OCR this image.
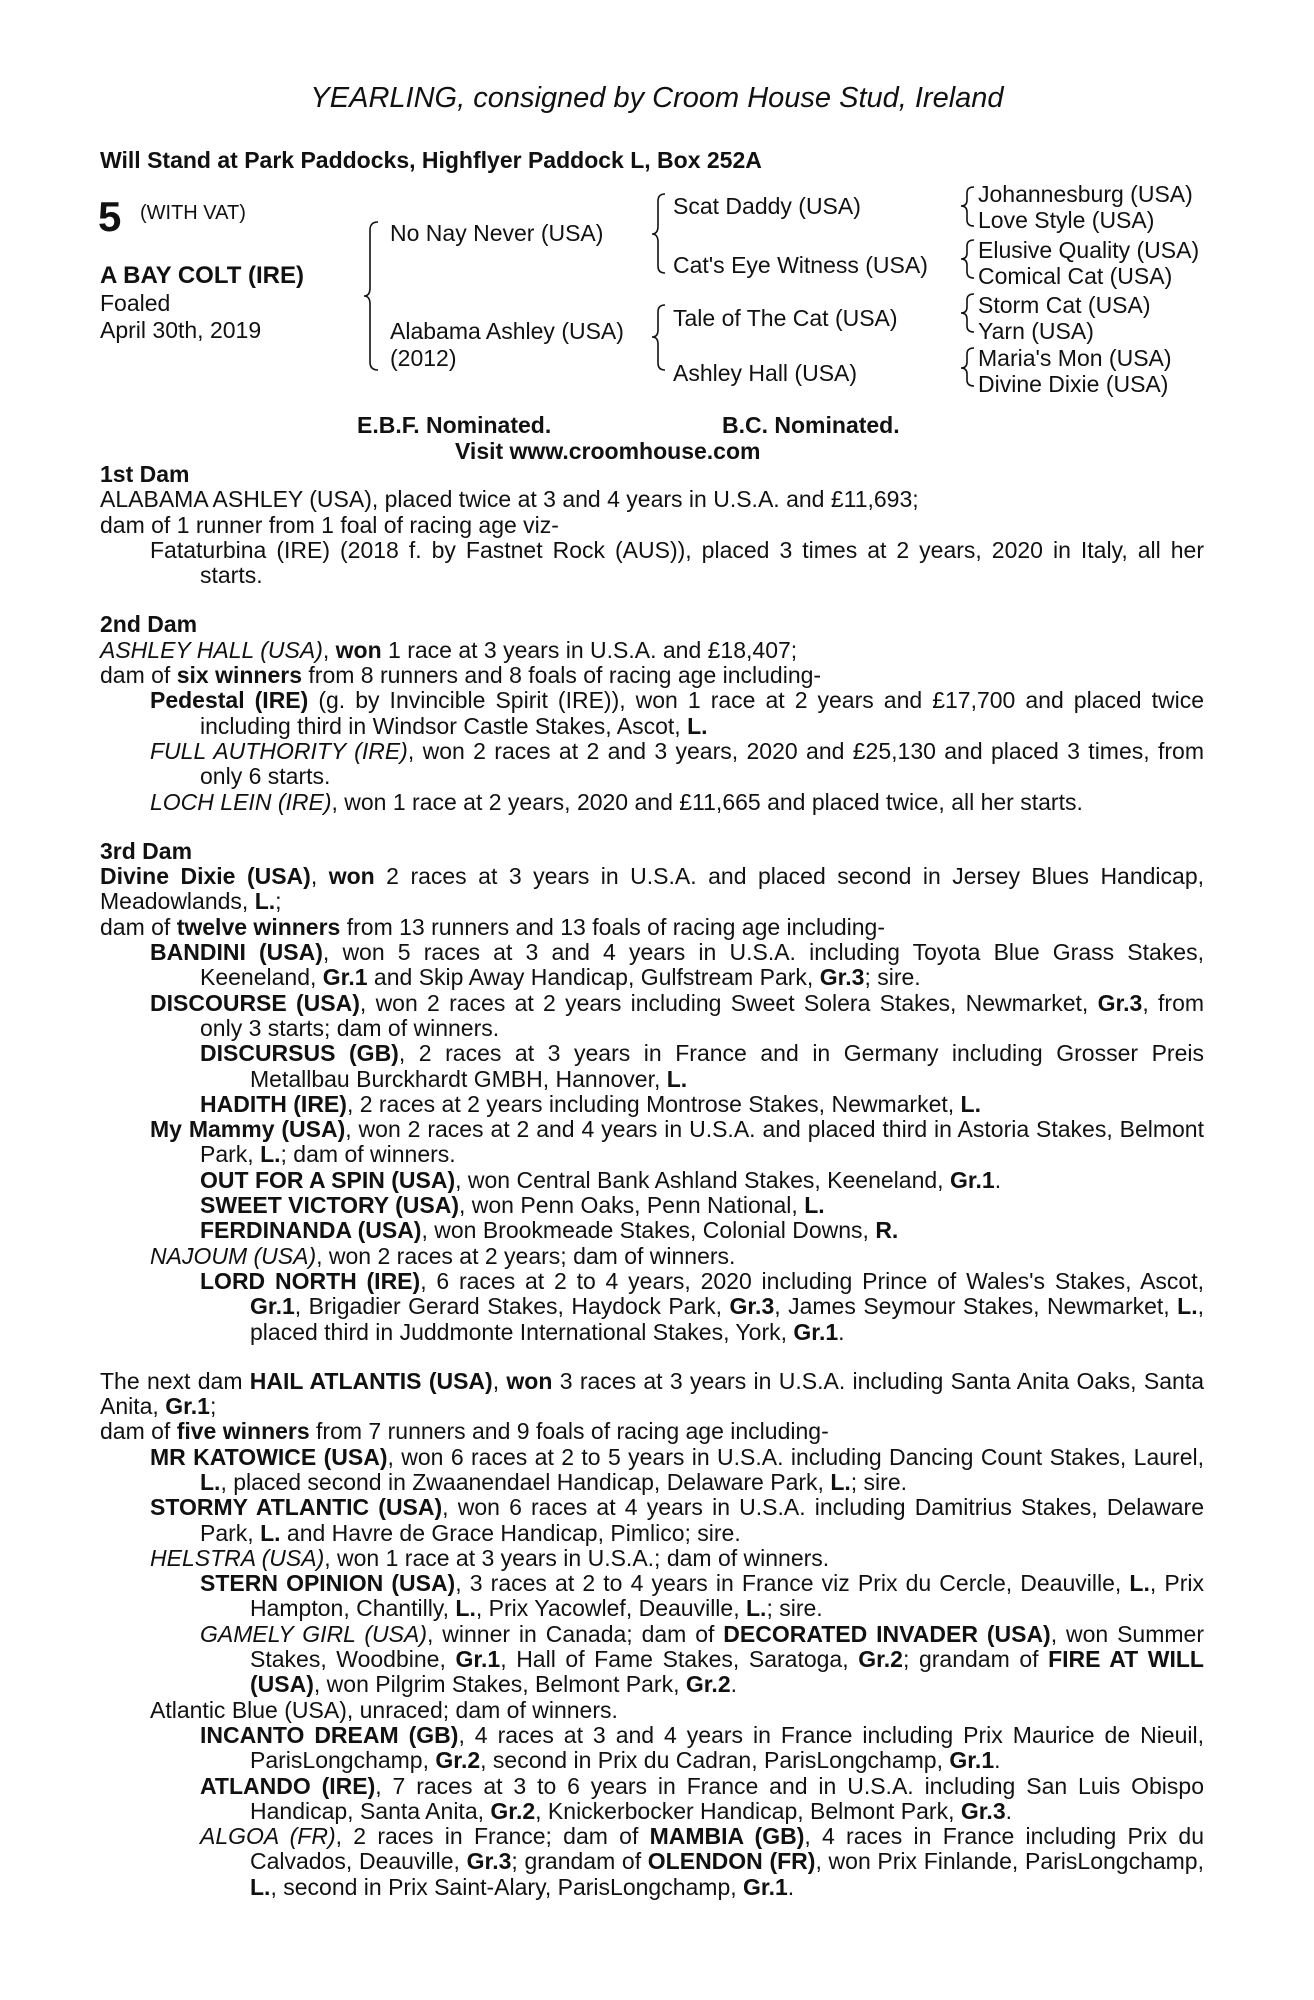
YEARLING, consigned by Croom House Stud, Ireland
Will Stand at Park Paddocks, Highflyer Paddock L, Box 252A
5 (WITH VAT)
A BAY COLT (IRE)
Foaled
April 30th, 2019
No Nay Never (USA)
Alabama Ashley (USA)
(2012)
Scat Daddy (USA)
Cat's Eye Witness (USA)
Tale of The Cat (USA)
Ashley Hall (USA)
Johannesburg (USA)
Love Style (USA)
Elusive Quality (USA)
Comical Cat (USA)
Storm Cat (USA)
Yarn (USA)
Maria's Mon (USA)
Divine Dixie (USA)
E.B.F. Nominated.	B.C. Nominated.
Visit www.croomhouse.com
1st Dam
ALABAMA ASHLEY (USA), placed twice at 3 and 4 years in U.S.A. and £11,693;
dam of 1 runner from 1 foal of racing age viz-
Fataturbina (IRE) (2018 f. by Fastnet Rock (AUS)), placed 3 times at 2 years, 2020 in Italy, all her starts.
2nd Dam
ASHLEY HALL (USA), won 1 race at 3 years in U.S.A. and £18,407;
dam of six winners from 8 runners and 8 foals of racing age including-
Pedestal (IRE) (g. by Invincible Spirit (IRE)), won 1 race at 2 years and £17,700 and placed twice including third in Windsor Castle Stakes, Ascot, L.
FULL AUTHORITY (IRE), won 2 races at 2 and 3 years, 2020 and £25,130 and placed 3 times, from only 6 starts.
LOCH LEIN (IRE), won 1 race at 2 years, 2020 and £11,665 and placed twice, all her starts.
3rd Dam
Divine Dixie (USA), won 2 races at 3 years in U.S.A. and placed second in Jersey Blues Handicap, Meadowlands, L.;
dam of twelve winners from 13 runners and 13 foals of racing age including-
BANDINI (USA), won 5 races at 3 and 4 years in U.S.A. including Toyota Blue Grass Stakes, Keeneland, Gr.1 and Skip Away Handicap, Gulfstream Park, Gr.3; sire.
DISCOURSE (USA), won 2 races at 2 years including Sweet Solera Stakes, Newmarket, Gr.3, from only 3 starts; dam of winners.
DISCURSUS (GB), 2 races at 3 years in France and in Germany including Grosser Preis Metallbau Burckhardt GMBH, Hannover, L.
HADITH (IRE), 2 races at 2 years including Montrose Stakes, Newmarket, L.
My Mammy (USA), won 2 races at 2 and 4 years in U.S.A. and placed third in Astoria Stakes, Belmont Park, L.; dam of winners.
OUT FOR A SPIN (USA), won Central Bank Ashland Stakes, Keeneland, Gr.1.
SWEET VICTORY (USA), won Penn Oaks, Penn National, L.
FERDINANDA (USA), won Brookmeade Stakes, Colonial Downs, R.
NAJOUM (USA), won 2 races at 2 years; dam of winners.
LORD NORTH (IRE), 6 races at 2 to 4 years, 2020 including Prince of Wales's Stakes, Ascot, Gr.1, Brigadier Gerard Stakes, Haydock Park, Gr.3, James Seymour Stakes, Newmarket, L., placed third in Juddmonte International Stakes, York, Gr.1.
The next dam HAIL ATLANTIS (USA), won 3 races at 3 years in U.S.A. including Santa Anita Oaks, Santa Anita, Gr.1;
dam of five winners from 7 runners and 9 foals of racing age including-
MR KATOWICE (USA), won 6 races at 2 to 5 years in U.S.A. including Dancing Count Stakes, Laurel, L., placed second in Zwaanendael Handicap, Delaware Park, L.; sire.
STORMY ATLANTIC (USA), won 6 races at 4 years in U.S.A. including Damitrius Stakes, Delaware Park, L. and Havre de Grace Handicap, Pimlico; sire.
HELSTRA (USA), won 1 race at 3 years in U.S.A.; dam of winners.
STERN OPINION (USA), 3 races at 2 to 4 years in France viz Prix du Cercle, Deauville, L., Prix Hampton, Chantilly, L., Prix Yacowlef, Deauville, L.; sire.
GAMELY GIRL (USA), winner in Canada; dam of DECORATED INVADER (USA), won Summer Stakes, Woodbine, Gr.1, Hall of Fame Stakes, Saratoga, Gr.2; grandam of FIRE AT WILL (USA), won Pilgrim Stakes, Belmont Park, Gr.2.
Atlantic Blue (USA), unraced; dam of winners.
INCANTO DREAM (GB), 4 races at 3 and 4 years in France including Prix Maurice de Nieuil, ParisLongchamp, Gr.2, second in Prix du Cadran, ParisLongchamp, Gr.1.
ATLANDO (IRE), 7 races at 3 to 6 years in France and in U.S.A. including San Luis Obispo Handicap, Santa Anita, Gr.2, Knickerbocker Handicap, Belmont Park, Gr.3.
ALGOA (FR), 2 races in France; dam of MAMBIA (GB), 4 races in France including Prix du Calvados, Deauville, Gr.3; grandam of OLENDON (FR), won Prix Finlande, ParisLongchamp, L., second in Prix Saint-Alary, ParisLongchamp, Gr.1.
